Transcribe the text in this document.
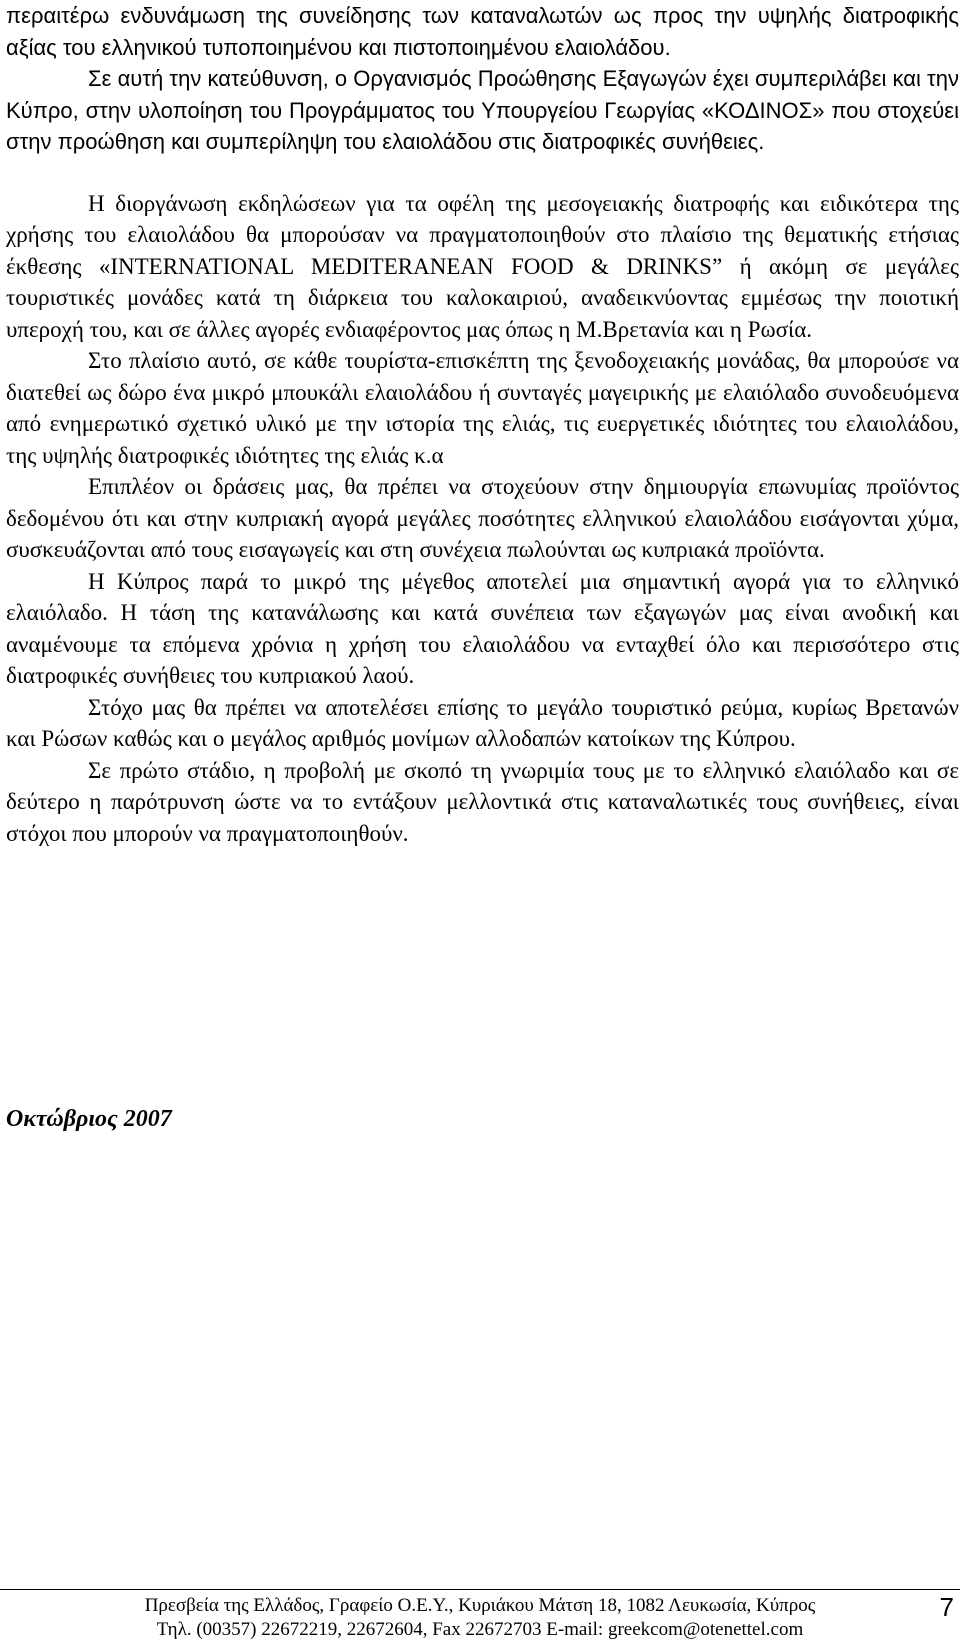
περαιτέρω ενδυνάμωση της συνείδησης των καταναλωτών ως προς την υψηλής διατροφικής αξίας του ελληνικού τυποποιημένου και πιστοποιημένου ελαιολάδου.

Σε αυτή την κατεύθυνση, ο Οργανισμός Προώθησης Εξαγωγών έχει συμπεριλάβει και την Κύπρο, στην υλοποίηση του Προγράμματος του Υπουργείου Γεωργίας «ΚΟΔΙΝΟΣ» που στοχεύει στην προώθηση και συμπερίληψη του ελαιολάδου στις διατροφικές συνήθειες.

Η διοργάνωση εκδηλώσεων για τα οφέλη της μεσογειακής διατροφής και ειδικότερα της χρήσης του ελαιολάδου θα μπορούσαν να πραγματοποιηθούν στο πλαίσιο της θεματικής ετήσιας έκθεσης «INTERNATIONAL MEDITERANEAN FOOD & DRINKS” ή ακόμη σε μεγάλες τουριστικές μονάδες κατά τη διάρκεια του καλοκαιριού, αναδεικνύοντας εμμέσως την ποιοτική υπεροχή του, και σε άλλες αγορές ενδιαφέροντος μας όπως η Μ.Βρετανία και η Ρωσία.

Στο πλαίσιο αυτό, σε κάθε τουρίστα-επισκέπτη της ξενοδοχειακής μονάδας, θα μπορούσε να διατεθεί ως δώρο ένα μικρό μπουκάλι ελαιολάδου ή συνταγές μαγειρικής με ελαιόλαδο συνοδευόμενα από ενημερωτικό σχετικό υλικό με την ιστορία της ελιάς, τις ευεργετικές ιδιότητες του ελαιολάδου, της υψηλής διατροφικές ιδιότητες της ελιάς κ.α

Επιπλέον οι δράσεις μας, θα πρέπει να στοχεύουν στην δημιουργία επωνυμίας προϊόντος δεδομένου ότι και στην κυπριακή αγορά μεγάλες ποσότητες ελληνικού ελαιολάδου εισάγονται χύμα, συσκευάζονται από τους εισαγωγείς και στη συνέχεια πωλούνται ως κυπριακά προϊόντα.

Η Κύπρος παρά το μικρό της μέγεθος αποτελεί μια σημαντική αγορά για το ελληνικό ελαιόλαδο. Η τάση της κατανάλωσης και κατά συνέπεια των εξαγωγών μας είναι ανοδική και αναμένουμε τα επόμενα χρόνια η χρήση του ελαιολάδου να ενταχθεί όλο και περισσότερο στις διατροφικές συνήθειες του κυπριακού λαού.

Στόχο μας θα πρέπει να αποτελέσει επίσης το μεγάλο τουριστικό ρεύμα, κυρίως Βρετανών και Ρώσων καθώς και ο μεγάλος αριθμός μονίμων αλλοδαπών κατοίκων της Κύπρου.

Σε πρώτο στάδιο, η προβολή με σκοπό τη γνωριμία τους με το ελληνικό ελαιόλαδο και σε δεύτερο η παρότρυνση ώστε να το εντάξουν μελλοντικά στις καταναλωτικές τους συνήθειες, είναι στόχοι που μπορούν να πραγματοποιηθούν.

Οκτώβριος 2007

Πρεσβεία της Ελλάδος, Γραφείο Ο.Ε.Υ., Κυριάκου Μάτση 18, 1082 Λευκωσία, Κύπρος

Τηλ. (00357) 22672219, 22672604, Fax 22672703 E-mail: greekcom@otenettel.com

7
